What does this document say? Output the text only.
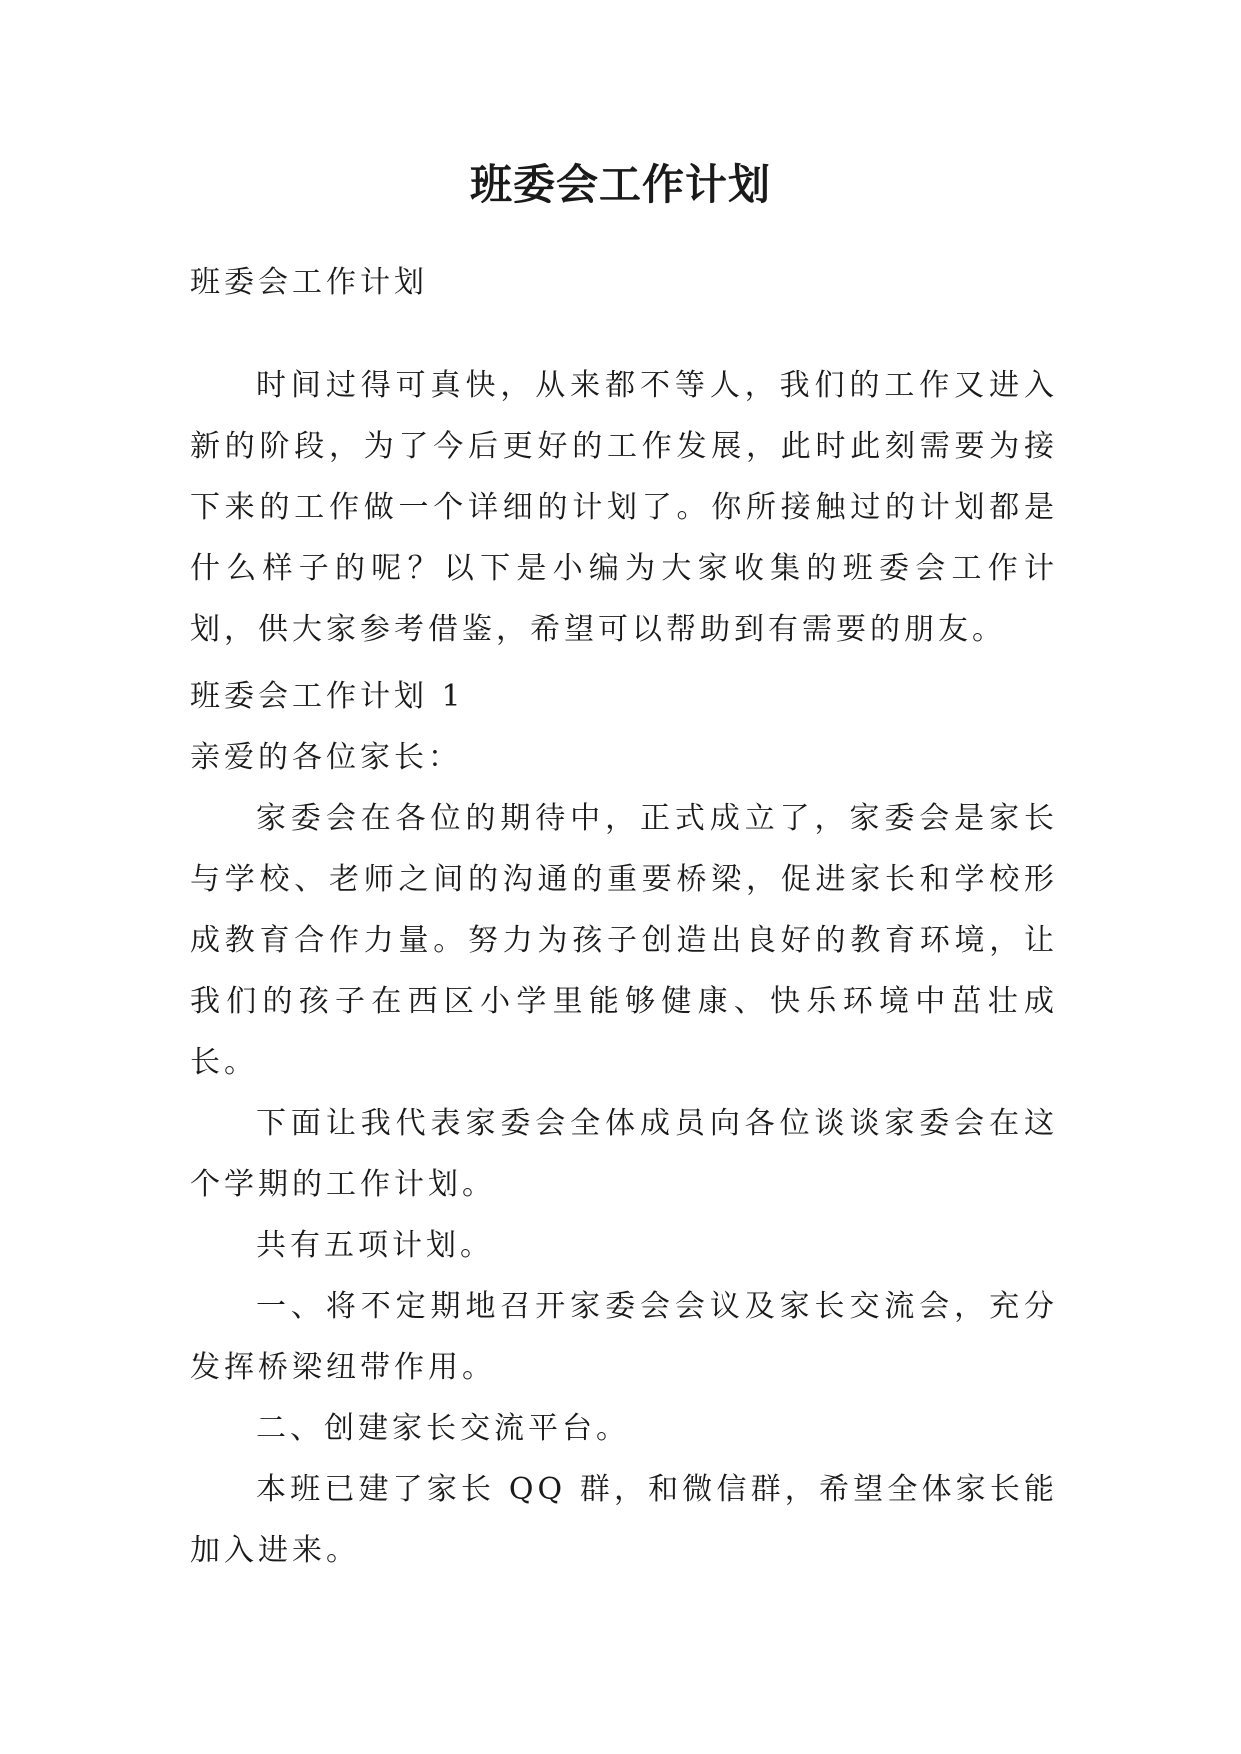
班委会工作计划

班委会工作计划

时间过得可真快，从来都不等人，我们的工作又进入新的阶段，为了今后更好的工作发展，此时此刻需要为接下来的工作做一个详细的计划了。你所接触过的计划都是什么样子的呢？以下是小编为大家收集的班委会工作计划，供大家参考借鉴，希望可以帮助到有需要的朋友。

班委会工作计划 1

亲爱的各位家长：

家委会在各位的期待中，正式成立了，家委会是家长与学校、老师之间的沟通的重要桥梁，促进家长和学校形成教育合作力量。努力为孩子创造出良好的教育环境，让我们的孩子在西区小学里能够健康、快乐环境中茁壮成长。

下面让我代表家委会全体成员向各位谈谈家委会在这个学期的工作计划。

共有五项计划。

一、将不定期地召开家委会会议及家长交流会，充分发挥桥梁纽带作用。

二、创建家长交流平台。

本班已建了家长 QQ 群，和微信群，希望全体家长能加入进来。
